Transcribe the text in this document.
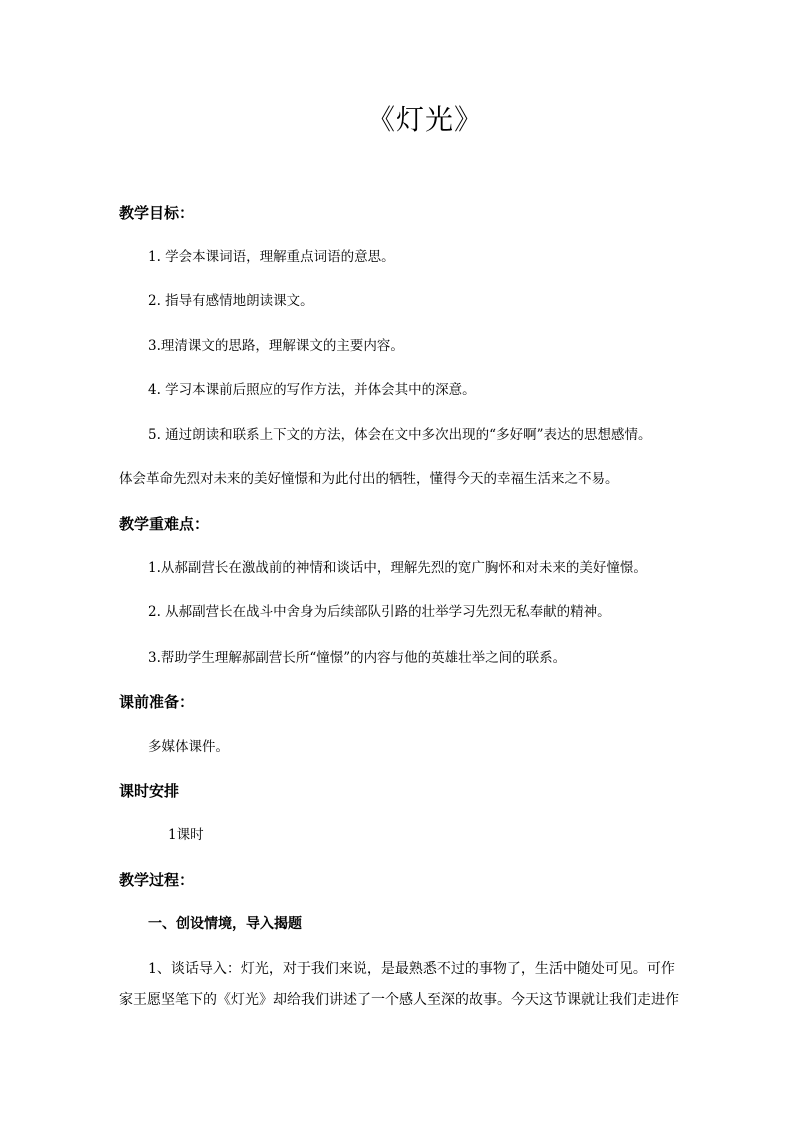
《灯光》
教学目标：
1. 学会本课词语，理解重点词语的意思。
2. 指导有感情地朗读课文。
3.理清课文的思路，理解课文的主要内容。
4. 学习本课前后照应的写作方法，并体会其中的深意。
5. 通过朗读和联系上下文的方法，体会在文中多次出现的“多好啊”表达的思想感情。
体会革命先烈对未来的美好憧憬和为此付出的牺牲，懂得今天的幸福生活来之不易。
教学重难点：
1.从郝副营长在激战前的神情和谈话中，理解先烈的宽广胸怀和对未来的美好憧憬。
2. 从郝副营长在战斗中舍身为后续部队引路的壮举学习先烈无私奉献的精神。
3.帮助学生理解郝副营长所“憧憬”的内容与他的英雄壮举之间的联系。
课前准备：
多媒体课件。
课时安排
1课时
教学过程：
一、创设情境，导入揭题
1、谈话导入：灯光，对于我们来说，是最熟悉不过的事物了，生活中随处可见。可作
家王愿坚笔下的《灯光》却给我们讲述了一个感人至深的故事。今天这节课就让我们走进作
